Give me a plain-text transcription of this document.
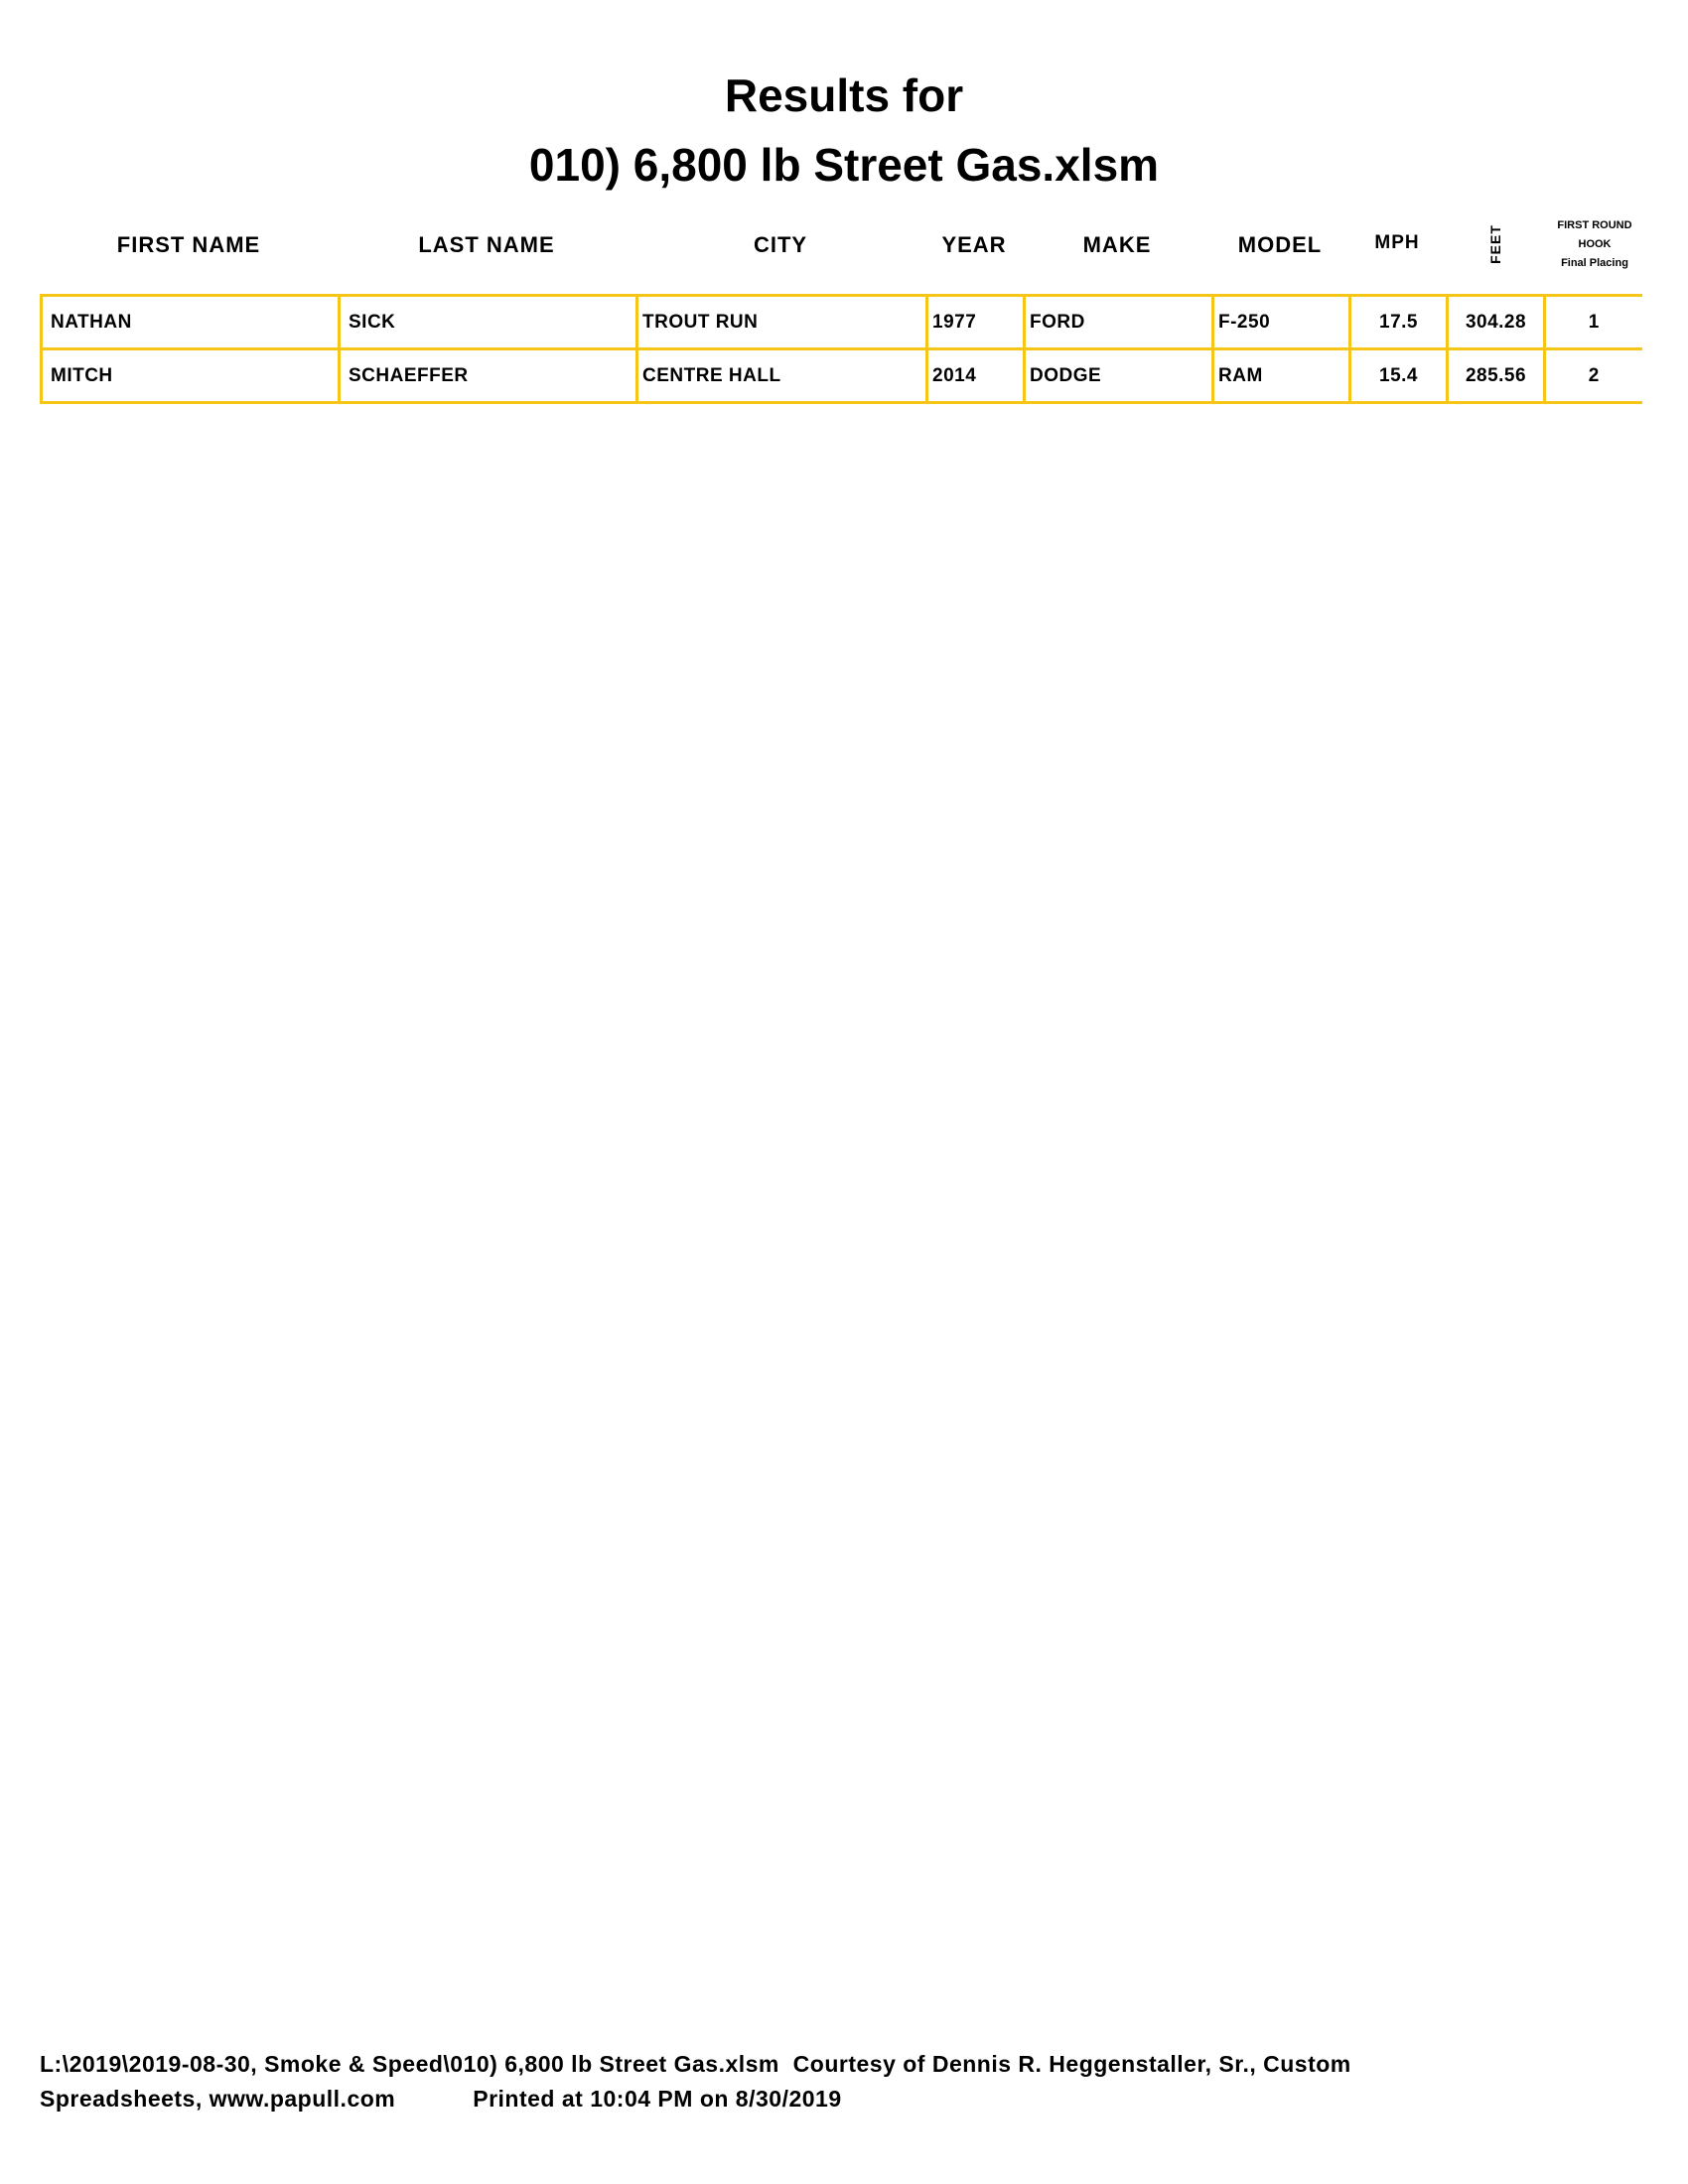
Results for
010) 6,800 lb Street Gas.xlsm
FIRST NAME	LAST NAME	CITY	YEAR	MAKE	MODEL	MPH	FEET	FIRST ROUND
HOOK
Final Placing
NATHAN	SICK	TROUT RUN	1977	FORD	F-250	17.5	304.28	1
MITCH	SCHAEFFER	CENTRE HALL	2014	DODGE	RAM	15.4	285.56	2
L:\2019\2019-08-30, Smoke & Speed\010) 6,800 lb Street Gas.xlsm  Courtesy of Dennis R. Heggenstaller, Sr., Custom
Spreadsheets, www.papull.com	Printed at 10:04 PM on 8/30/2019
